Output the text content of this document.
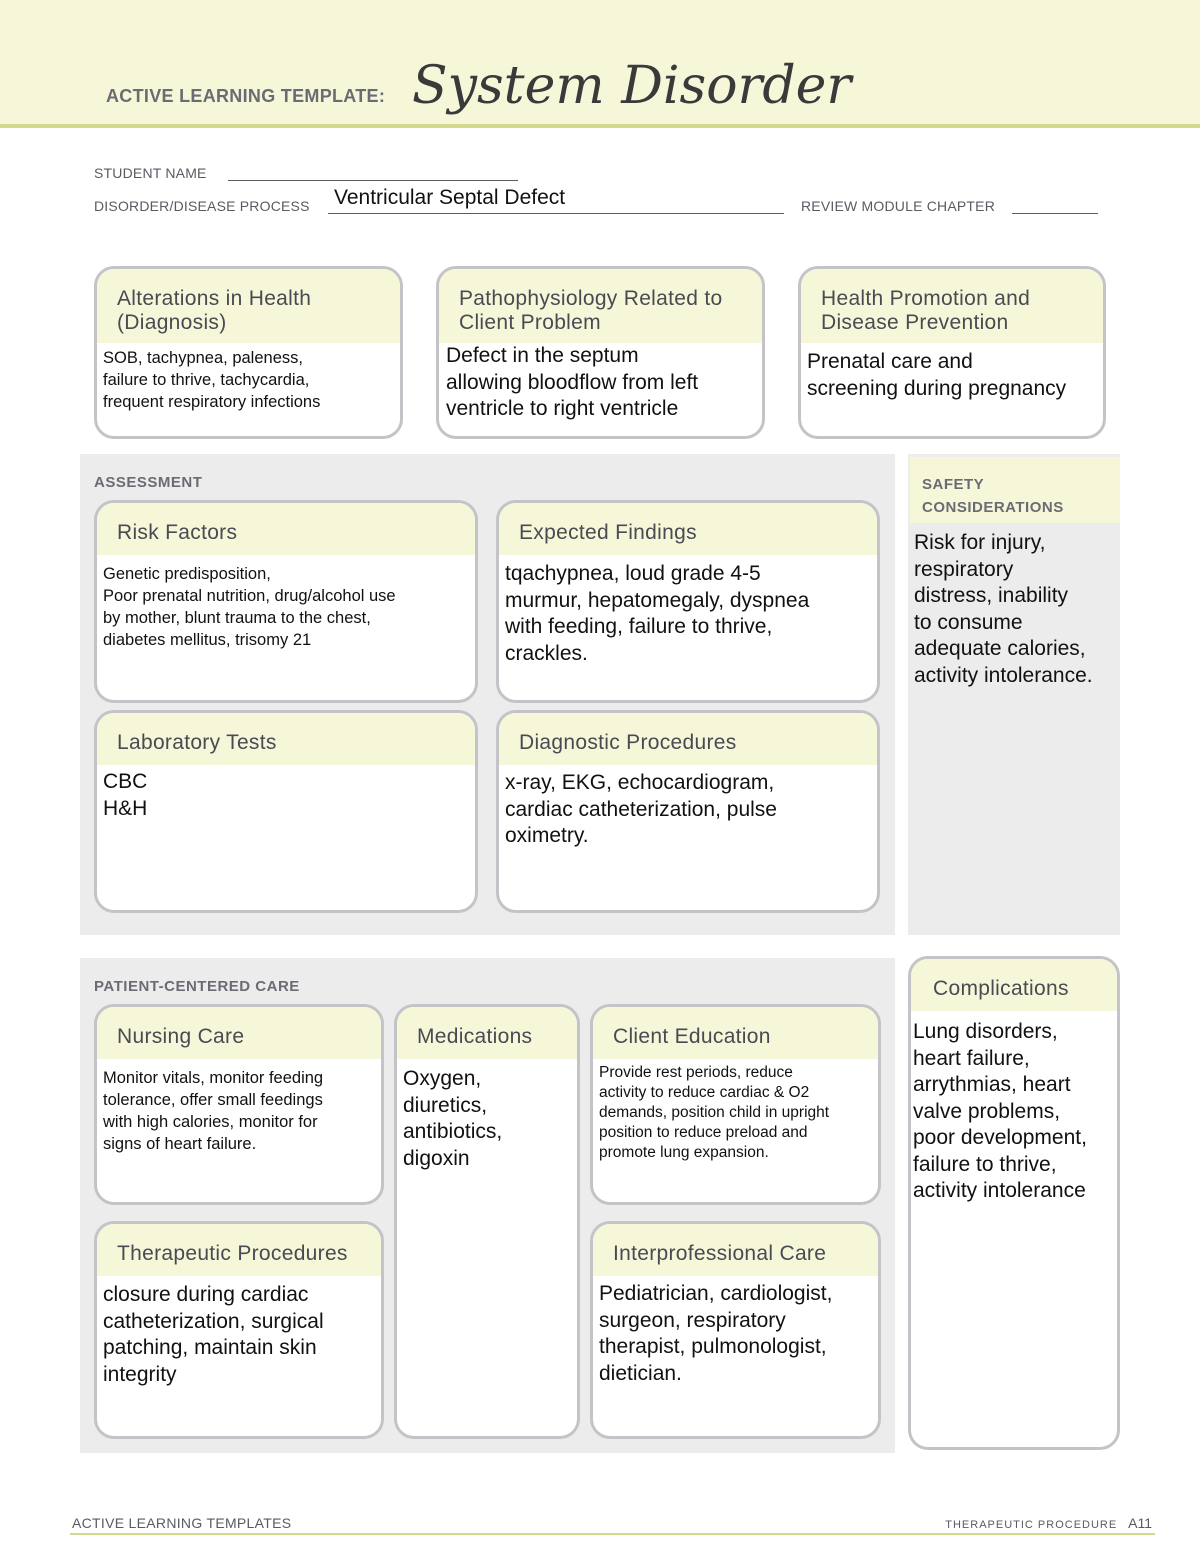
ACTIVE LEARNING TEMPLATE: System Disorder
STUDENT NAME
DISORDER/DISEASE PROCESS Ventricular Septal Defect	REVIEW MODULE CHAPTER
Alterations in Health (Diagnosis)
SOB, tachypnea, paleness,
failure to thrive, tachycardia,
frequent respiratory infections
Pathophysiology Related to Client Problem
Defect in the septum
allowing bloodflow from left
ventricle to right ventricle
Health Promotion and Disease Prevention
Prenatal care and
screening during pregnancy
ASSESSMENT
Risk Factors
Genetic predisposition,
Poor prenatal nutrition, drug/alcohol use
by mother, blunt trauma to the chest,
diabetes mellitus, trisomy 21
Expected Findings
tqachypnea, loud grade 4-5
murmur, hepatomegaly, dyspnea
with feeding, failure to thrive,
crackles.
Laboratory Tests
CBC
H&H
Diagnostic Procedures
x-ray, EKG, echocardiogram,
cardiac catheterization, pulse
oximetry.
SAFETY
CONSIDERATIONS
Risk for injury,
respiratory
distress, inability
to consume
adequate calories,
activity intolerance.
PATIENT-CENTERED CARE
Nursing Care
Monitor vitals, monitor feeding
tolerance, offer small feedings
with high calories, monitor for
signs of heart failure.
Medications
Oxygen,
diuretics,
antibiotics,
digoxin
Client Education
Provide rest periods, reduce
activity to reduce cardiac & O2
demands, position child in upright
position to reduce preload and
promote lung expansion.
Therapeutic Procedures
closure during cardiac
catheterization, surgical
patching, maintain skin
integrity
Interprofessional Care
Pediatrician, cardiologist,
surgeon, respiratory
therapist, pulmonologist,
dietician.
Complications
Lung disorders,
heart failure,
arrythmias, heart
valve problems,
poor development,
failure to thrive,
activity intolerance
ACTIVE LEARNING TEMPLATES	THERAPEUTIC PROCEDURE A11
